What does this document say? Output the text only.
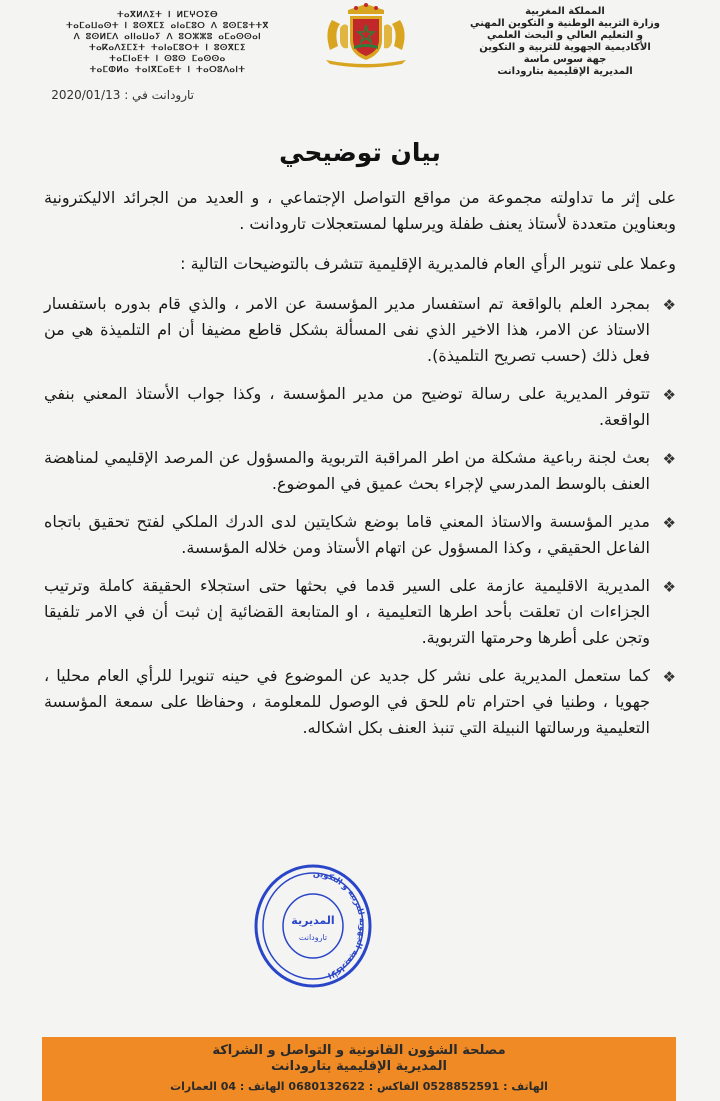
المملكة المغربية
وزارة التربية الوطنية و التكوين المهني
و التعليم العالي و البحث العلمي
الأكاديمية الجهوية للتربية و التكوين
جهة سوس ماسة
المديرية الإقليمية بتارودانت
ⵜⴰⴳⵍⴷⵉⵜ ⵏ ⵍⵎⵖⵔⵉⴱ
ⵜⴰⵎⴰⵡⴰⵙⵜ ⵏ ⵓⵙⴳⵎⵉ ⴰⵏⴰⵎⵓⵔ ⴷ ⵓⵙⵎⵓⵜⵜⴳ
ⴷ ⵓⵙⵍⵎⴷ ⴰⵏⵏⴰⵡⴰⵢ ⴷ ⵓⵔⵣⵣⵓ ⴰⵎⴰⵙⵙⴰⵏ
ⵜⴰⴽⴰⴷⵉⵎⵉⵜ ⵜⴰⵏⴰⵎⵓⵔⵜ ⵏ ⵓⵙⴳⵎⵉ
ⵜⴰⵎⵏⴰⴹⵜ ⵏ ⵙⵓⵙ ⵎⴰⵙⵙⴰ
ⵜⴰⵎⵀⵍⴰ ⵜⴰⵏⴳⵎⴰⴹⵜ ⵏ ⵜⴰⵔⵓⴷⴰⵏⵜ
تارودانت في : 2020/01/13
بيان توضيحي

على إثر ما تداولته مجموعة من مواقع التواصل الإجتماعي ، و العديد من الجرائد الاليكترونية وبعناوين متعددة لأستاذ يعنف طفلة ويرسلها لمستعجلات تارودانت .

وعملا على تنوير الرأي العام فالمديرية الإقليمية تتشرف بالتوضيحات التالية :

❖
بمجرد العلم بالواقعة تم استفسار مدير المؤسسة عن الامر ، والذي قام بدوره باستفسار الاستاذ عن الامر، هذا الاخير الذي نفى المسألة بشكل قاطع مضيفا أن ام التلميذة هي من فعل ذلك (حسب تصريح التلميذة).
❖
تتوفر المديرية على رسالة توضيح من مدير المؤسسة ، وكذا جواب الأستاذ المعني بنفي الواقعة.
❖
بعث لجنة رباعية مشكلة من اطر المراقبة التربوية والمسؤول عن المرصد الإقليمي لمناهضة العنف بالوسط المدرسي لإجراء بحث عميق في الموضوع.
❖
مدير المؤسسة والاستاذ المعني قاما بوضع شكايتين لدى الدرك الملكي لفتح تحقيق باتجاه الفاعل الحقيقي ، وكذا المسؤول عن اتهام الأستاذ ومن خلاله المؤسسة.
❖
المديرية الاقليمية عازمة على السير قدما في بحثها حتى استجلاء الحقيقة كاملة وترتيب الجزاءات ان تعلقت بأحد اطرها التعليمية ، او المتابعة القضائية إن ثبت أن في الامر تلفيقا وتجن على أطرها وحرمتها التربوية.
❖
كما ستعمل المديرية على نشر كل جديد عن الموضوع في حينه تنويرا للرأي العام محليا ، جهويا ، وطنيا في احترام تام للحق في الوصول للمعلومة ، وحفاظا على سمعة المؤسسة التعليمية ورسالتها النبيلة التي تنبذ العنف بكل اشكاله.
الأكاديمية الجهوية للتربية و التكوين
المديرية
تارودانت
مصلحة الشؤون القانونية و التواصل و الشراكة
المديرية الإقليمية بتارودانت
الهاتف : 0528852591 الفاكس : 0680132622 الهاتف : 04 العمارات
